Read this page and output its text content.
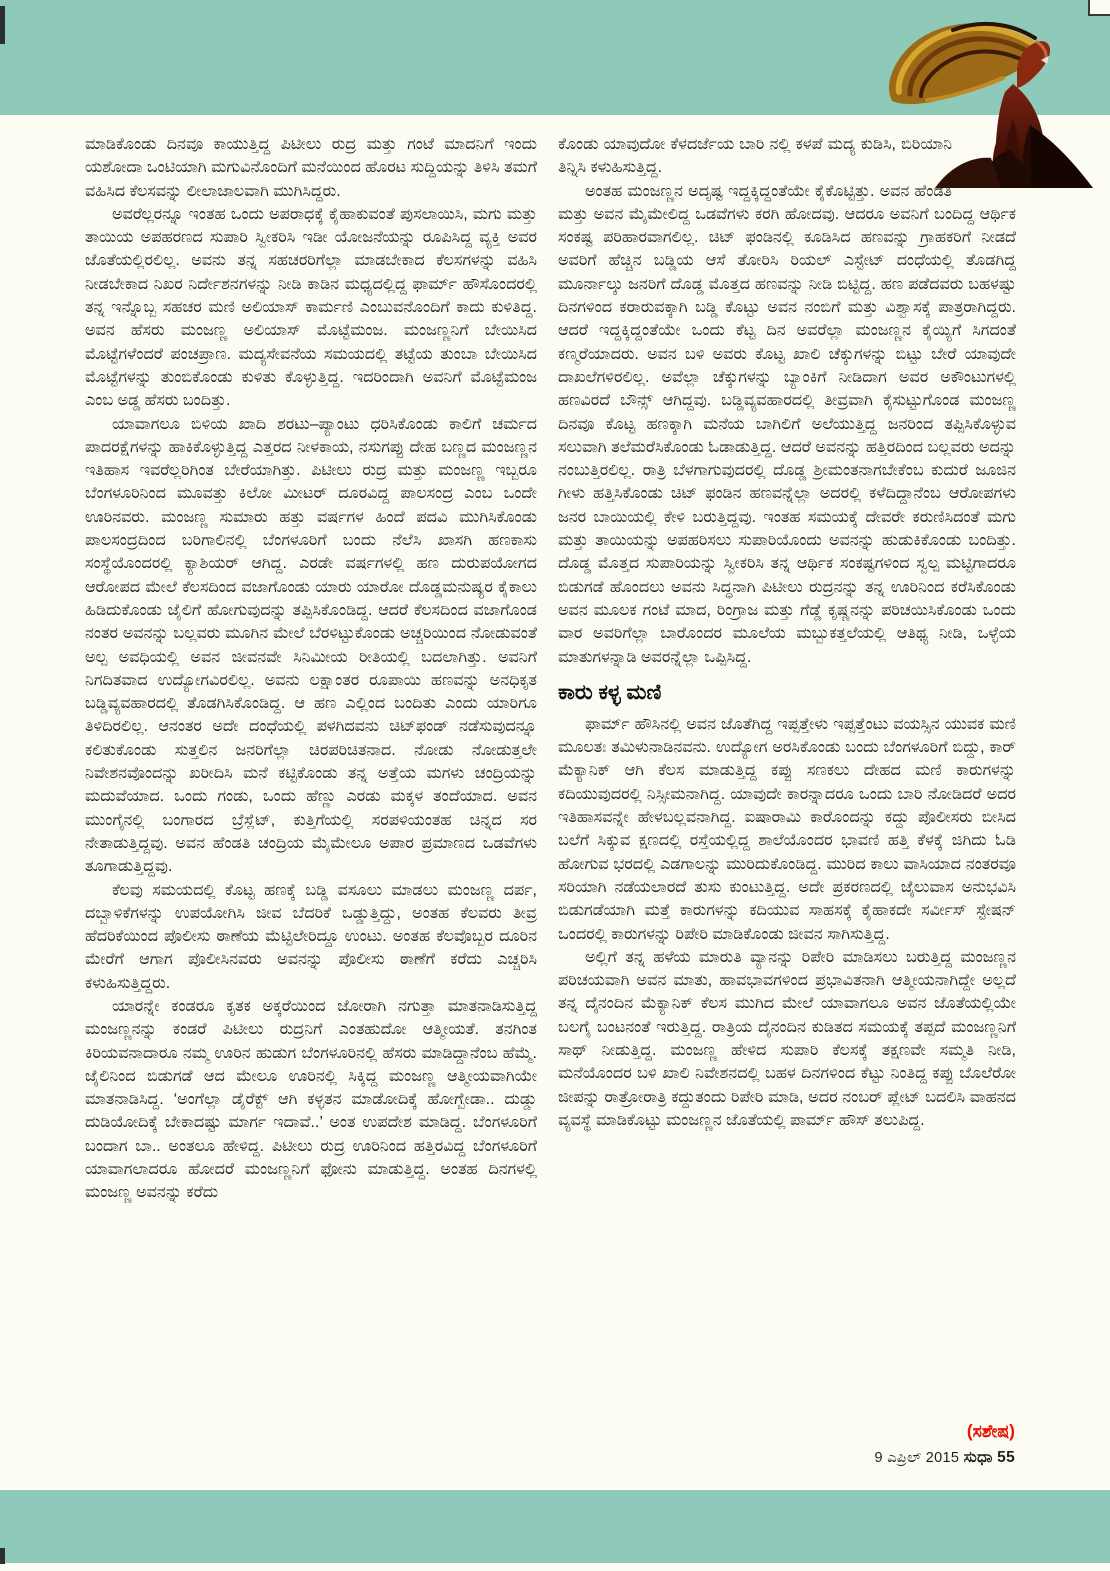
ಮಾಡಿಕೊಂಡು ದಿನವೂ ಕಾಯುತ್ತಿದ್ದ ಪಿಟೀಲು ರುದ್ರ ಮತ್ತು ಗಂಟೆ ಮಾದನಿಗೆ ಇಂದು ಯಶೋದಾ ಒಂಟಿಯಾಗಿ ಮಗುವಿನೊಂದಿಗೆ ಮನೆಯಿಂದ ಹೊರಟ ಸುದ್ದಿಯನ್ನು ತಿಳಿಸಿ ತಮಗೆ ವಹಿಸಿದ ಕೆಲಸವನ್ನು ಲೀಲಾಜಾಲವಾಗಿ ಮುಗಿಸಿದ್ದರು.

ಅವರೆಲ್ಲರನ್ನೂ ಇಂತಹ ಒಂದು ಅಪರಾಧಕ್ಕೆ ಕೈಹಾಕುವಂತೆ ಪುಸಲಾಯಿಸಿ, ಮಗು ಮತ್ತು ತಾಯಿಯ ಅಪಹರಣದ ಸುಪಾರಿ ಸ್ವೀಕರಿಸಿ ಇಡೀ ಯೋಜನೆಯನ್ನು ರೂಪಿಸಿದ್ದ ವ್ಯಕ್ತಿ ಅವರ ಜೊತೆಯಲ್ಲಿರಲಿಲ್ಲ. ಅವನು ತನ್ನ ಸಹಚರರಿಗೆಲ್ಲಾ ಮಾಡಬೇಕಾದ ಕೆಲಸಗಳನ್ನು ವಹಿಸಿ ನೀಡಬೇಕಾದ ನಿಖರ ನಿರ್ದೇಶನಗಳನ್ನು ನೀಡಿ ಕಾಡಿನ ಮಧ್ಯದಲ್ಲಿದ್ದ ಫಾರ್ಮ್ ಹೌಸೊಂದರಲ್ಲಿ ತನ್ನ ಇನ್ನೊಬ್ಬ ಸಹಚರ ಮಣಿ ಅಲಿಯಾಸ್ ಕಾರ್ಮಣಿ ಎಂಬುವನೊಂದಿಗೆ ಕಾದು ಕುಳಿತಿದ್ದ. ಅವನ ಹೆಸರು ಮಂಜಣ್ಣ ಅಲಿಯಾಸ್ ಮೊಟ್ಟೆಮಂಜ. ಮಂಜಣ್ಣನಿಗೆ ಬೇಯಿಸಿದ ಮೊಟ್ಟೆಗಳೆಂದರೆ ಪಂಚಪ್ರಾಣ. ಮದ್ಯಸೇವನೆಯ ಸಮಯದಲ್ಲಿ ತಟ್ಟೆಯ ತುಂಬಾ ಬೇಯಿಸಿದ ಮೊಟ್ಟೆಗಳನ್ನು ತುಂಬಿಕೊಂಡು ಕುಳಿತು ಕೊಳ್ಳುತ್ತಿದ್ದ. ಇದರಿಂದಾಗಿ ಅವನಿಗೆ ಮೊಟ್ಟೆಮಂಜ ಎಂಬ ಅಡ್ಡ ಹೆಸರು ಬಂದಿತ್ತು.

ಯಾವಾಗಲೂ ಬಿಳಿಯ ಖಾದಿ ಶರಟು–ಪ್ಯಾಂಟು ಧರಿಸಿಕೊಂಡು ಕಾಲಿಗೆ ಚರ್ಮದ ಪಾದರಕ್ಷೆಗಳನ್ನು ಹಾಕಿಕೊಳ್ಳುತ್ತಿದ್ದ ಎತ್ತರದ ನೀಳಕಾಯ, ನಸುಗಪ್ಪು ದೇಹ ಬಣ್ಣದ ಮಂಜಣ್ಣನ ಇತಿಹಾಸ ಇವರೆಲ್ಲರಿಗಿಂತ ಬೇರೆಯಾಗಿತ್ತು. ಪಿಟೀಲು ರುದ್ರ ಮತ್ತು ಮಂಜಣ್ಣ ಇಬ್ಬರೂ ಬೆಂಗಳೂರಿನಿಂದ ಮೂವತ್ತು ಕಿಲೋ ಮೀಟರ್ ದೂರವಿದ್ದ ಪಾಲಸಂದ್ರ ಎಂಬ ಒಂದೇ ಊರಿನವರು. ಮಂಜಣ್ಣ ಸುಮಾರು ಹತ್ತು ವರ್ಷಗಳ ಹಿಂದೆ ಪದವಿ ಮುಗಿಸಿಕೊಂಡು ಪಾಲಸಂದ್ರದಿಂದ ಬರಿಗಾಲಿನಲ್ಲಿ ಬೆಂಗಳೂರಿಗೆ ಬಂದು ನೆಲೆಸಿ ಖಾಸಗಿ ಹಣಕಾಸು ಸಂಸ್ಥೆಯೊಂದರಲ್ಲಿ ಕ್ಯಾಶಿಯರ್ ಆಗಿದ್ದ. ಎರಡೇ ವರ್ಷಗಳಲ್ಲಿ ಹಣ ದುರುಪಯೋಗದ ಆರೋಪದ ಮೇಲೆ ಕೆಲಸದಿಂದ ವಜಾಗೊಂಡು ಯಾರು ಯಾರೋ ದೊಡ್ಡಮನುಷ್ಯರ ಕೈಕಾಲು ಹಿಡಿದುಕೊಂಡು ಜೈಲಿಗೆ ಹೋಗುವುದನ್ನು ತಪ್ಪಿಸಿಕೊಂಡಿದ್ದ. ಆದರೆ ಕೆಲಸದಿಂದ ವಜಾಗೊಂಡ ನಂತರ ಅವನನ್ನು ಬಲ್ಲವರು ಮೂಗಿನ ಮೇಲೆ ಬೆರಳಿಟ್ಟುಕೊಂಡು ಅಚ್ಚರಿಯಿಂದ ನೋಡುವಂತೆ ಅಲ್ಪ ಅವಧಿಯಲ್ಲಿ ಅವನ ಜೀವನವೇ ಸಿನಿಮೀಯ ರೀತಿಯಲ್ಲಿ ಬದಲಾಗಿತ್ತು. ಅವನಿಗೆ ನಿಗದಿತವಾದ ಉದ್ಯೋಗವಿರಲಿಲ್ಲ. ಅವನು ಲಕ್ಷಾಂತರ ರೂಪಾಯಿ ಹಣವನ್ನು ಅನಧಿಕೃತ ಬಡ್ಡಿವ್ಯವಹಾರದಲ್ಲಿ ತೊಡಗಿಸಿಕೊಂಡಿದ್ದ. ಆ ಹಣ ಎಲ್ಲಿಂದ ಬಂದಿತು ಎಂದು ಯಾರಿಗೂ ತಿಳಿದಿರಲಿಲ್ಲ. ಆನಂತರ ಅದೇ ದಂಧೆಯಲ್ಲಿ ಪಳಗಿದವನು ಚಿಟ್‌ಫಂಡ್ ನಡೆಸುವುದನ್ನೂ ಕಲಿತುಕೊಂಡು ಸುತ್ತಲಿನ ಜನರಿಗೆಲ್ಲಾ ಚಿರಪರಿಚಿತನಾದ. ನೋಡು ನೋಡುತ್ತಲೇ ನಿವೇಶನವೊಂದನ್ನು ಖರೀದಿಸಿ ಮನೆ ಕಟ್ಟಿಕೊಂಡು ತನ್ನ ಅತ್ತೆಯ ಮಗಳು ಚಂದ್ರಿಯನ್ನು ಮದುವೆಯಾದ. ಒಂದು ಗಂಡು, ಒಂದು ಹೆಣ್ಣು ಎರಡು ಮಕ್ಕಳ ತಂದೆಯಾದ. ಅವನ ಮುಂಗೈನಲ್ಲಿ ಬಂಗಾರದ ಬ್ರೆಸ್ಲೆಟ್, ಕುತ್ತಿಗೆಯಲ್ಲಿ ಸರಪಳಿಯಂತಹ ಚಿನ್ನದ ಸರ ನೇತಾಡುತ್ತಿದ್ದವು. ಅವನ ಹೆಂಡತಿ ಚಂದ್ರಿಯ ಮೈಮೇಲೂ ಅಪಾರ ಪ್ರಮಾಣದ ಒಡವೆಗಳು ತೂಗಾಡುತ್ತಿದ್ದವು.

ಕೆಲವು ಸಮಯದಲ್ಲಿ ಕೊಟ್ಟ ಹಣಕ್ಕೆ ಬಡ್ಡಿ ವಸೂಲು ಮಾಡಲು ಮಂಜಣ್ಣ ದರ್ಪ, ದಬ್ಬಾಳಿಕೆಗಳನ್ನು ಉಪಯೋಗಿಸಿ ಜೀವ ಬೆದರಿಕೆ ಒಡ್ಡುತ್ತಿದ್ದು, ಅಂತಹ ಕೆಲವರು ತೀವ್ರ ಹೆದರಿಕೆಯಿಂದ ಪೊಲೀಸು ಠಾಣೆಯ ಮೆಟ್ಟಿಲೇರಿದ್ದೂ ಉಂಟು. ಅಂತಹ ಕೆಲವೊಬ್ಬರ ದೂರಿನ ಮೇರೆಗೆ ಆಗಾಗ ಪೊಲೀಸಿನವರು ಅವನನ್ನು ಪೊಲೀಸು ಠಾಣೆಗೆ ಕರೆದು ಎಚ್ಚರಿಸಿ ಕಳುಹಿಸುತ್ತಿದ್ದರು.

ಯಾರನ್ನೇ ಕಂಡರೂ ಕೃತಕ ಅಕ್ಕರೆಯಿಂದ ಜೋರಾಗಿ ನಗುತ್ತಾ ಮಾತನಾಡಿಸುತ್ತಿದ್ದ ಮಂಜಣ್ಣನನ್ನು ಕಂಡರೆ ಪಿಟೀಲು ರುದ್ರನಿಗೆ ಎಂತಹುದೋ ಆತ್ಮೀಯತೆ. ತನಗಿಂತ ಕಿರಿಯವನಾದಾರೂ ನಮ್ಮ ಊರಿನ ಹುಡುಗ ಬೆಂಗಳೂರಿನಲ್ಲಿ ಹೆಸರು ಮಾಡಿದ್ದಾನೆಂಬ ಹೆಮ್ಮೆ. ಜೈಲಿನಿಂದ ಬಿಡುಗಡೆ ಆದ ಮೇಲೂ ಊರಿನಲ್ಲಿ ಸಿಕ್ಕಿದ್ದ ಮಂಜಣ್ಣ ಆತ್ಮೀಯವಾಗಿಯೇ ಮಾತನಾಡಿಸಿದ್ದ. ‘ಅಂಗೆಲ್ಲಾ ಡೈರೆಕ್ಟ್ ಆಗಿ ಕಳ್ಳತನ ಮಾಡೋದಿಕ್ಕೆ ಹೋಗ್ಬೇಡಾ.. ದುಡ್ಡು ದುಡಿಯೋದಿಕ್ಕೆ ಬೇಕಾದಷ್ಟು ಮಾರ್ಗ ಇದಾವೆ..’ ಅಂತ ಉಪದೇಶ ಮಾಡಿದ್ದ. ಬೆಂಗಳೂರಿಗೆ ಬಂದಾಗ ಬಾ.. ಅಂತಲೂ ಹೇಳಿದ್ದ. ಪಿಟೀಲು ರುದ್ರ ಊರಿನಿಂದ ಹತ್ತಿರವಿದ್ದ ಬೆಂಗಳೂರಿಗೆ ಯಾವಾಗಲಾದರೂ ಹೋದರೆ ಮಂಜಣ್ಣನಿಗೆ ಫೋನು ಮಾಡುತ್ತಿದ್ದ. ಅಂತಹ ದಿನಗಳಲ್ಲಿ ಮಂಜಣ್ಣ ಅವನನ್ನು ಕರೆದು

ಕೊಂಡು ಯಾವುದೋ ಕೆಳದರ್ಜೆಯ ಬಾರಿ ನಲ್ಲಿ ಕಳಪೆ ಮದ್ಯ ಕುಡಿಸಿ, ಬಿರಿಯಾನಿ ತಿನ್ನಿಸಿ ಕಳುಹಿಸುತ್ತಿದ್ದ.

ಅಂತಹ ಮಂಜಣ್ಣನ ಅದೃಷ್ಟ ಇದ್ದಕ್ಕಿದ್ದಂತೆಯೇ ಕೈಕೊಟ್ಟಿತ್ತು. ಅವನ ಹೆಂಡತಿ ಮತ್ತು ಅವನ ಮೈಮೇಲಿದ್ದ ಒಡವೆಗಳು ಕರಗಿ ಹೋದವು. ಆದರೂ ಅವನಿಗೆ ಬಂದಿದ್ದ ಆರ್ಥಿಕ ಸಂಕಷ್ಟ ಪರಿಹಾರವಾಗಲಿಲ್ಲ. ಚಿಟ್ ಫಂಡಿನಲ್ಲಿ ಕೂಡಿಸಿದ ಹಣವನ್ನು ಗ್ರಾಹಕರಿಗೆ ನೀಡದೆ ಅವರಿಗೆ ಹೆಚ್ಚಿನ ಬಡ್ಡಿಯ ಆಸೆ ತೋರಿಸಿ ರಿಯಲ್ ಎಸ್ಟೇಟ್ ದಂಧೆಯಲ್ಲಿ ತೊಡಗಿದ್ದ ಮೂರ್ನಾಲ್ಕು ಜನರಿಗೆ ದೊಡ್ಡ ಮೊತ್ತದ ಹಣವನ್ನು ನೀಡಿ ಬಿಟ್ಟಿದ್ದ. ಹಣ ಪಡೆದವರು ಬಹಳಷ್ಟು ದಿನಗಳಿಂದ ಕರಾರುವಕ್ಕಾಗಿ ಬಡ್ಡಿ ಕೊಟ್ಟು ಅವನ ನಂಬಿಗೆ ಮತ್ತು ವಿಶ್ವಾಸಕ್ಕೆ ಪಾತ್ರರಾಗಿದ್ದರು. ಆದರೆ ಇದ್ದಕ್ಕಿದ್ದಂತೆಯೇ ಒಂದು ಕೆಟ್ಟ ದಿನ ಅವರೆಲ್ಲಾ ಮಂಜಣ್ಣನ ಕೈಯ್ಯಿಗೆ ಸಿಗದಂತೆ ಕಣ್ಮರೆಯಾದರು. ಅವನ ಬಳಿ ಅವರು ಕೊಟ್ಟ ಖಾಲಿ ಚೆಕ್ಕುಗಳನ್ನು ಬಿಟ್ಟು ಬೇರೆ ಯಾವುದೇ ದಾಖಲೆಗಳಿರಲಿಲ್ಲ. ಅವೆಲ್ಲಾ ಚೆಕ್ಕುಗಳನ್ನು ಬ್ಯಾಂಕಿಗೆ ನೀಡಿದಾಗ ಅವರ ಅಕೌಂಟುಗಳಲ್ಲಿ ಹಣವಿರದೆ ಬೌನ್ಸ್ ಆಗಿದ್ದವು. ಬಡ್ಡಿವ್ಯವಹಾರದಲ್ಲಿ ತೀವ್ರವಾಗಿ ಕೈಸುಟ್ಟುಗೊಂಡ ಮಂಜಣ್ಣ ದಿನವೂ ಕೊಟ್ಟ ಹಣಕ್ಕಾಗಿ ಮನೆಯ ಬಾಗಿಲಿಗೆ ಅಲೆಯುತ್ತಿದ್ದ ಜನರಿಂದ ತಪ್ಪಿಸಿಕೊಳ್ಳುವ ಸಲುವಾಗಿ ತಲೆಮರೆಸಿಕೊಂಡು ಓಡಾಡುತ್ತಿದ್ದ. ಆದರೆ ಅವನನ್ನು ಹತ್ತಿರದಿಂದ ಬಲ್ಲವರು ಅದನ್ನು ನಂಬುತ್ತಿರಲಿಲ್ಲ. ರಾತ್ರಿ ಬೆಳಗಾಗುವುದರಲ್ಲಿ ದೊಡ್ಡ ಶ್ರೀಮಂತನಾಗಬೇಕೆಂಬ ಕುದುರೆ ಜೂಜಿನ ಗೀಳು ಹತ್ತಿಸಿಕೊಂಡು ಚಿಟ್ ಫಂಡಿನ ಹಣವನ್ನೆಲ್ಲಾ ಅದರಲ್ಲಿ ಕಳೆದಿದ್ದಾನೆಂಬ ಆರೋಪಗಳು ಜನರ ಬಾಯಿಯಲ್ಲಿ ಕೇಳಿ ಬರುತ್ತಿದ್ದವು. ಇಂತಹ ಸಮಯಕ್ಕೆ ದೇವರೇ ಕರುಣಿಸಿದಂತೆ ಮಗು ಮತ್ತು ತಾಯಿಯನ್ನು ಅಪಹರಿಸಲು ಸುಪಾರಿಯೊಂದು ಅವನನ್ನು ಹುಡುಕಿಕೊಂಡು ಬಂದಿತ್ತು. ದೊಡ್ಡ ಮೊತ್ತದ ಸುಪಾರಿಯನ್ನು ಸ್ವೀಕರಿಸಿ ತನ್ನ ಆರ್ಥಿಕ ಸಂಕಷ್ಟಗಳಿಂದ ಸ್ವಲ್ಪ ಮಟ್ಟಿಗಾದರೂ ಬಿಡುಗಡೆ ಹೊಂದಲು ಅವನು ಸಿದ್ಧನಾಗಿ ಪಿಟೀಲು ರುದ್ರನನ್ನು ತನ್ನ ಊರಿನಿಂದ ಕರೆಸಿಕೊಂಡು ಅವನ ಮೂಲಕ ಗಂಟೆ ಮಾದ, ರಿಂಗ್ರಾಜ ಮತ್ತು ಗೆಡ್ಡೆ ಕೃಷ್ಣನನ್ನು ಪರಿಚಯಿಸಿಕೊಂಡು ಒಂದು ವಾರ ಅವರಿಗೆಲ್ಲಾ ಬಾರೊಂದರ ಮೂಲೆಯ ಮಬ್ಬುಕತ್ತಲೆಯಲ್ಲಿ ಆತಿಥ್ಯ ನೀಡಿ, ಒಳ್ಳೆಯ ಮಾತುಗಳನ್ನಾಡಿ ಅವರನ್ನೆಲ್ಲಾ ಒಪ್ಪಿಸಿದ್ದ.

ಕಾರು ಕಳ್ಳ ಮಣಿ

ಫಾರ್ಮ್ ಹೌಸಿನಲ್ಲಿ ಅವನ ಜೊತೆಗಿದ್ದ ಇಪ್ಪತ್ತೇಳು ಇಪ್ಪತ್ತೆಂಟು ವಯಸ್ಸಿನ ಯುವಕ ಮಣಿ ಮೂಲತಃ ತಮಿಳುನಾಡಿನವನು. ಉದ್ಯೋಗ ಅರಸಿಕೊಂಡು ಬಂದು ಬೆಂಗಳೂರಿಗೆ ಬಿದ್ದು, ಕಾರ್ ಮೆಕ್ಯಾನಿಕ್ ಆಗಿ ಕೆಲಸ ಮಾಡುತ್ತಿದ್ದ ಕಪ್ಪು ಸಣಕಲು ದೇಹದ ಮಣಿ ಕಾರುಗಳನ್ನು ಕದಿಯುವುದರಲ್ಲಿ ನಿಸ್ಸೀಮನಾಗಿದ್ದ. ಯಾವುದೇ ಕಾರನ್ನಾದರೂ ಒಂದು ಬಾರಿ ನೋಡಿದರೆ ಅದರ ಇತಿಹಾಸವನ್ನೇ ಹೇಳಬಲ್ಲವನಾಗಿದ್ದ. ಐಷಾರಾಮಿ ಕಾರೊಂದನ್ನು ಕದ್ದು ಪೊಲೀಸರು ಬೀಸಿದ ಬಲೆಗೆ ಸಿಕ್ಕುವ ಕ್ಷಣದಲ್ಲಿ ರಸ್ತೆಯಲ್ಲಿದ್ದ ಶಾಲೆಯೊಂದರ ಭಾವಣಿ ಹತ್ತಿ ಕೆಳಕ್ಕೆ ಜಿಗಿದು ಓಡಿ ಹೋಗುವ ಭರದಲ್ಲಿ ಎಡಗಾಲನ್ನು ಮುರಿದುಕೊಂಡಿದ್ದ. ಮುರಿದ ಕಾಲು ವಾಸಿಯಾದ ನಂತರವೂ ಸರಿಯಾಗಿ ನಡೆಯಲಾರದೆ ತುಸು ಕುಂಟುತ್ತಿದ್ದ. ಅದೇ ಪ್ರಕರಣದಲ್ಲಿ ಜೈಲುವಾಸ ಅನುಭವಿಸಿ ಬಿಡುಗಡೆಯಾಗಿ ಮತ್ತೆ ಕಾರುಗಳನ್ನು ಕದಿಯುವ ಸಾಹಸಕ್ಕೆ ಕೈಹಾಕದೇ ಸರ್ವೀಸ್ ಸ್ಟೇಷನ್ ಒಂದರಲ್ಲಿ ಕಾರುಗಳನ್ನು ರಿಪೇರಿ ಮಾಡಿಕೊಂಡು ಜೀವನ ಸಾಗಿಸುತ್ತಿದ್ದ.

ಅಲ್ಲಿಗೆ ತನ್ನ ಹಳೆಯ ಮಾರುತಿ ವ್ಯಾನನ್ನು ರಿಪೇರಿ ಮಾಡಿಸಲು ಬರುತ್ತಿದ್ದ ಮಂಜಣ್ಣನ ಪರಿಚಯವಾಗಿ ಅವನ ಮಾತು, ಹಾವಭಾವಗಳಿಂದ ಪ್ರಭಾವಿತನಾಗಿ ಆತ್ಮೀಯನಾಗಿದ್ದೇ ಅಲ್ಲದೆ ತನ್ನ ದೈನಂದಿನ ಮೆಕ್ಯಾನಿಕ್ ಕೆಲಸ ಮುಗಿದ ಮೇಲೆ ಯಾವಾಗಲೂ ಅವನ ಜೊತೆಯಲ್ಲಿಯೇ ಬಲಗೈ ಬಂಟನಂತೆ ಇರುತ್ತಿದ್ದ. ರಾತ್ರಿಯ ದೈನಂದಿನ ಕುಡಿತದ ಸಮಯಕ್ಕೆ ತಪ್ಪದೆ ಮಂಜಣ್ಣನಿಗೆ ಸಾಥ್ ನೀಡುತ್ತಿದ್ದ. ಮಂಜಣ್ಣ ಹೇಳಿದ ಸುಪಾರಿ ಕೆಲಸಕ್ಕೆ ತಕ್ಷಣವೇ ಸಮ್ಮತಿ ನೀಡಿ, ಮನೆಯೊಂದರ ಬಳಿ ಖಾಲಿ ನಿವೇಶನದಲ್ಲಿ ಬಹಳ ದಿನಗಳಿಂದ ಕೆಟ್ಟು ನಿಂತಿದ್ದ ಕಪ್ಪು ಬೊಲೆರೋ ಜೀಪನ್ನು ರಾತ್ರೋರಾತ್ರಿ ಕದ್ದುತಂದು ರಿಪೇರಿ ಮಾಡಿ, ಅದರ ನಂಬರ್ ಪ್ಲೇಟ್ ಬದಲಿಸಿ ವಾಹನದ ವ್ಯವಸ್ಥೆ ಮಾಡಿಕೊಟ್ಟು ಮಂಜಣ್ಣನ ಜೊತೆಯಲ್ಲಿ ಪಾರ್ಮ್ ಹೌಸ್ ತಲುಪಿದ್ದ.

(ಸಶೇಷ)
9 ಎಪ್ರಿಲ್ 2015 ಸುಧಾ 55
